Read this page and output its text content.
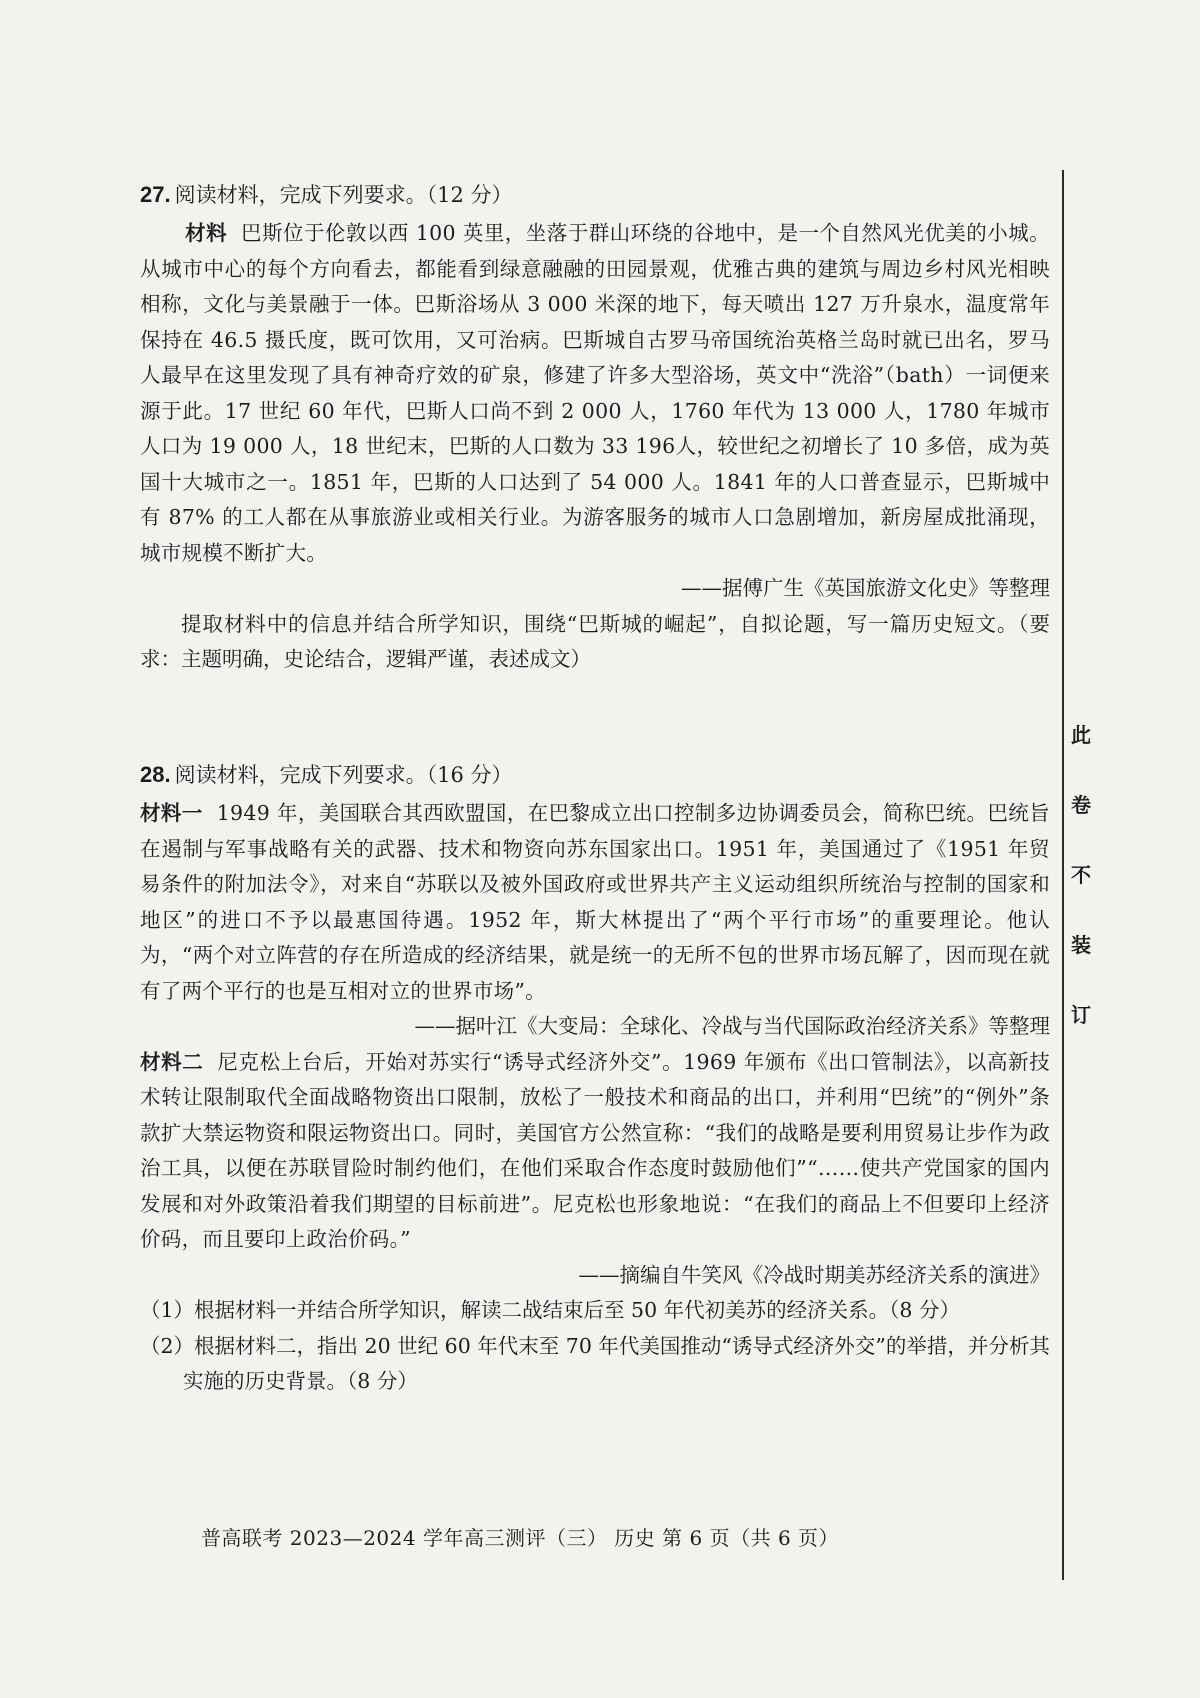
27. 阅读材料，完成下列要求。（12 分）

材料 巴斯位于伦敦以西 100 英里，坐落于群山环绕的谷地中，是一个自然风光优美的小城。从城市中心的每个方向看去，都能看到绿意融融的田园景观，优雅古典的建筑与周边乡村风光相映相称，文化与美景融于一体。巴斯浴场从 3 000 米深的地下，每天喷出 127 万升泉水，温度常年保持在 46.5 摄氏度，既可饮用，又可治病。巴斯城自古罗马帝国统治英格兰岛时就已出名，罗马人最早在这里发现了具有神奇疗效的矿泉，修建了许多大型浴场，英文中“洗浴”（bath）一词便来源于此。17 世纪 60 年代，巴斯人口尚不到 2 000 人，1760 年代为 13 000 人，1780 年城市人口为 19 000 人，18 世纪末，巴斯的人口数为 33 196人，较世纪之初增长了 10 多倍，成为英国十大城市之一。1851 年，巴斯的人口达到了 54 000 人。1841 年的人口普查显示，巴斯城中有 87% 的工人都在从事旅游业或相关行业。为游客服务的城市人口急剧增加，新房屋成批涌现，城市规模不断扩大。

——据傅广生《英国旅游文化史》等整理

提取材料中的信息并结合所学知识，围绕“巴斯城的崛起”，自拟论题，写一篇历史短文。（要求：主题明确，史论结合，逻辑严谨，表述成文）

28. 阅读材料，完成下列要求。（16 分）

材料一 1949 年，美国联合其西欧盟国，在巴黎成立出口控制多边协调委员会，简称巴统。巴统旨在遏制与军事战略有关的武器、技术和物资向苏东国家出口。1951 年，美国通过了《1951 年贸易条件的附加法令》，对来自“苏联以及被外国政府或世界共产主义运动组织所统治与控制的国家和地区”的进口不予以最惠国待遇。1952 年，斯大林提出了“两个平行市场”的重要理论。他认为，“两个对立阵营的存在所造成的经济结果，就是统一的无所不包的世界市场瓦解了，因而现在就有了两个平行的也是互相对立的世界市场”。

——据叶江《大变局：全球化、冷战与当代国际政治经济关系》等整理

材料二 尼克松上台后，开始对苏实行“诱导式经济外交”。1969 年颁布《出口管制法》，以高新技术转让限制取代全面战略物资出口限制，放松了一般技术和商品的出口，并利用“巴统”的“例外”条款扩大禁运物资和限运物资出口。同时，美国官方公然宣称：“我们的战略是要利用贸易让步作为政治工具，以便在苏联冒险时制约他们，在他们采取合作态度时鼓励他们”“……使共产党国家的国内发展和对外政策沿着我们期望的目标前进”。尼克松也形象地说：“在我们的商品上不但要印上经济价码，而且要印上政治价码。”

——摘编自牛笑风《冷战时期美苏经济关系的演进》

（1）根据材料一并结合所学知识，解读二战结束后至 50 年代初美苏的经济关系。（8 分）

（2）根据材料二，指出 20 世纪 60 年代末至 70 年代美国推动“诱导式经济外交”的举措，并分析其实施的历史背景。（8 分）

普高联考 2023—2024 学年高三测评（三） 历史 第 6 页（共 6 页）
此
卷
不
装
订
